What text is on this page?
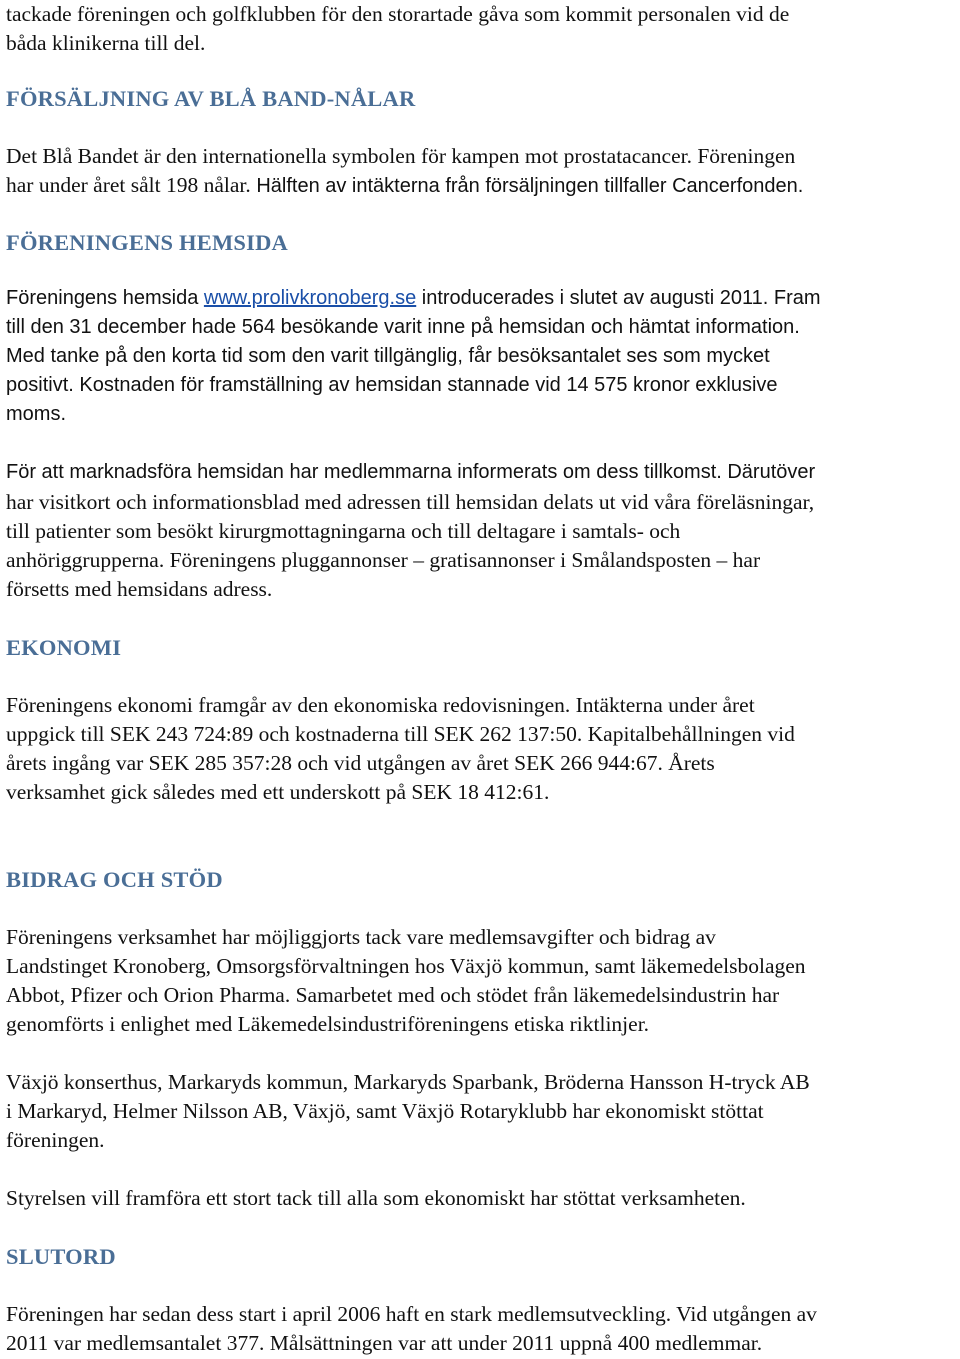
tackade föreningen och golfklubben för den storartade gåva som kommit personalen vid de
båda klinikerna till del.
FÖRSÄLJNING AV BLÅ BAND-NÅLAR
Det Blå Bandet är den internationella symbolen för kampen mot prostatacancer. Föreningen
har under året sålt 198 nålar. Hälften av intäkterna från försäljningen tillfaller Cancerfonden.
FÖRENINGENS HEMSIDA
Föreningens hemsida www.prolivkronoberg.se introducerades i slutet av augusti 2011. Fram
till den 31 december hade 564 besökande varit inne på hemsidan och hämtat information.
Med tanke på den korta tid som den varit tillgänglig, får besöksantalet ses som mycket
positivt. Kostnaden för framställning av hemsidan stannade vid 14 575 kronor exklusive
moms.
För att marknadsföra hemsidan har medlemmarna informerats om dess tillkomst. Därutöver
har visitkort och informationsblad med adressen till hemsidan delats ut vid våra föreläsningar,
till patienter som besökt kirurgmottagningarna och till deltagare i samtals- och
anhöriggrupperna. Föreningens pluggannonser – gratisannonser i Smålandsposten – har
försetts med hemsidans adress.
EKONOMI
Föreningens ekonomi framgår av den ekonomiska redovisningen. Intäkterna under året
uppgick till SEK 243 724:89 och kostnaderna till SEK 262 137:50. Kapitalbehållningen vid
årets ingång var SEK 285 357:28 och vid utgången av året SEK 266 944:67. Årets
verksamhet gick således med ett underskott på SEK 18 412:61.
BIDRAG OCH STÖD
Föreningens verksamhet har möjliggjorts tack vare medlemsavgifter och bidrag av
Landstinget Kronoberg, Omsorgsförvaltningen hos Växjö kommun, samt läkemedelsbolagen
Abbot, Pfizer och Orion Pharma. Samarbetet med och stödet från läkemedelsindustrin har
genomförts i enlighet med Läkemedelsindustriföreningens etiska riktlinjer.
Växjö konserthus, Markaryds kommun, Markaryds Sparbank, Bröderna Hansson H-tryck AB
i Markaryd, Helmer Nilsson AB, Växjö, samt Växjö Rotaryklubb har ekonomiskt stöttat
föreningen.
Styrelsen vill framföra ett stort tack till alla som ekonomiskt har stöttat verksamheten.
SLUTORD
Föreningen har sedan dess start i april 2006 haft en stark medlemsutveckling. Vid utgången av
2011 var medlemsantalet 377. Målsättningen var att under 2011 uppnå 400 medlemmar.
